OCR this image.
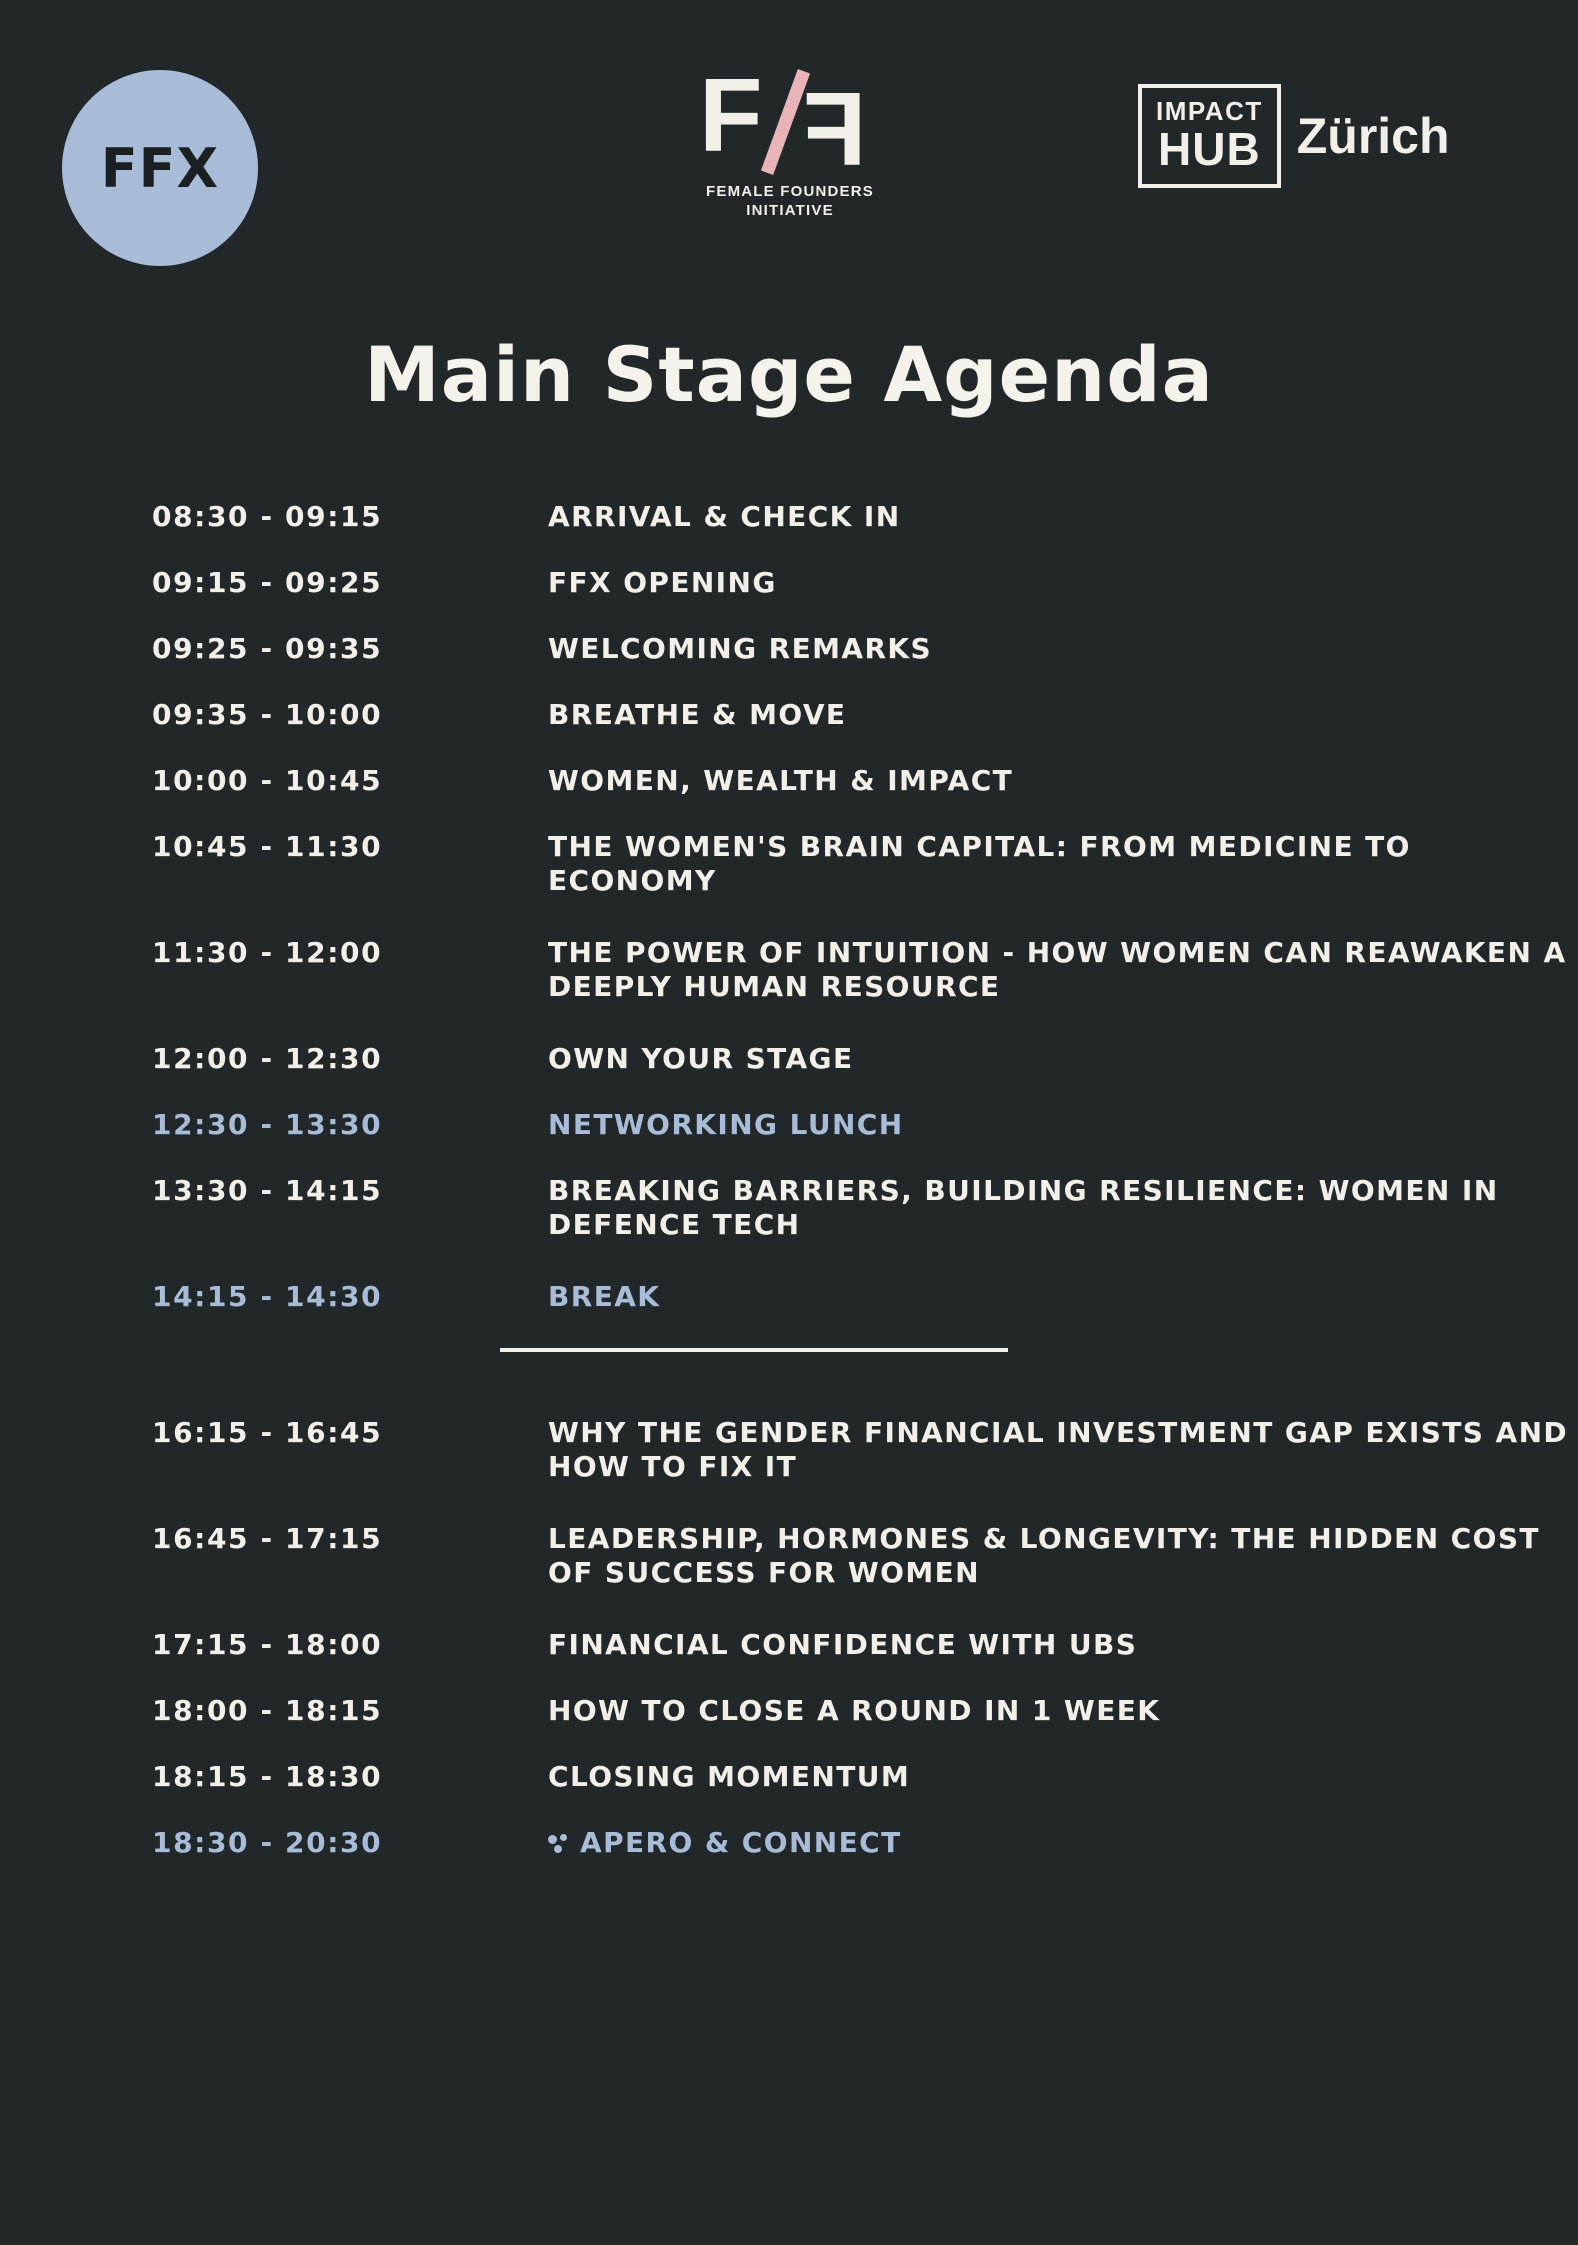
FFX	F F
FEMALE FOUNDERS
INITIATIVE
IMPACT
HUB Zürich
Main Stage Agenda
08:30 - 09:15	ARRIVAL & CHECK IN
09:15 - 09:25	FFX OPENING
09:25 - 09:35	WELCOMING REMARKS
09:35 - 10:00	BREATHE & MOVE
10:00 - 10:45	WOMEN, WEALTH & IMPACT
10:45 - 11:30	THE WOMEN'S BRAIN CAPITAL: FROM MEDICINE TO ECONOMY
11:30 - 12:00	THE POWER OF INTUITION - HOW WOMEN CAN REAWAKEN A DEEPLY HUMAN RESOURCE
12:00 - 12:30	OWN YOUR STAGE
12:30 - 13:30	NETWORKING LUNCH
13:30 - 14:15	BREAKING BARRIERS, BUILDING RESILIENCE: WOMEN IN DEFENCE TECH
14:15 - 14:30	BREAK
16:15 - 16:45	WHY THE GENDER FINANCIAL INVESTMENT GAP EXISTS AND HOW TO FIX IT
16:45 - 17:15	LEADERSHIP, HORMONES & LONGEVITY: THE HIDDEN COST OF SUCCESS FOR WOMEN
17:15 - 18:00	FINANCIAL CONFIDENCE WITH UBS
18:00 - 18:15	HOW TO CLOSE A ROUND IN 1 WEEK
18:15 - 18:30	CLOSING MOMENTUM
18:30 - 20:30	APERO & CONNECT
